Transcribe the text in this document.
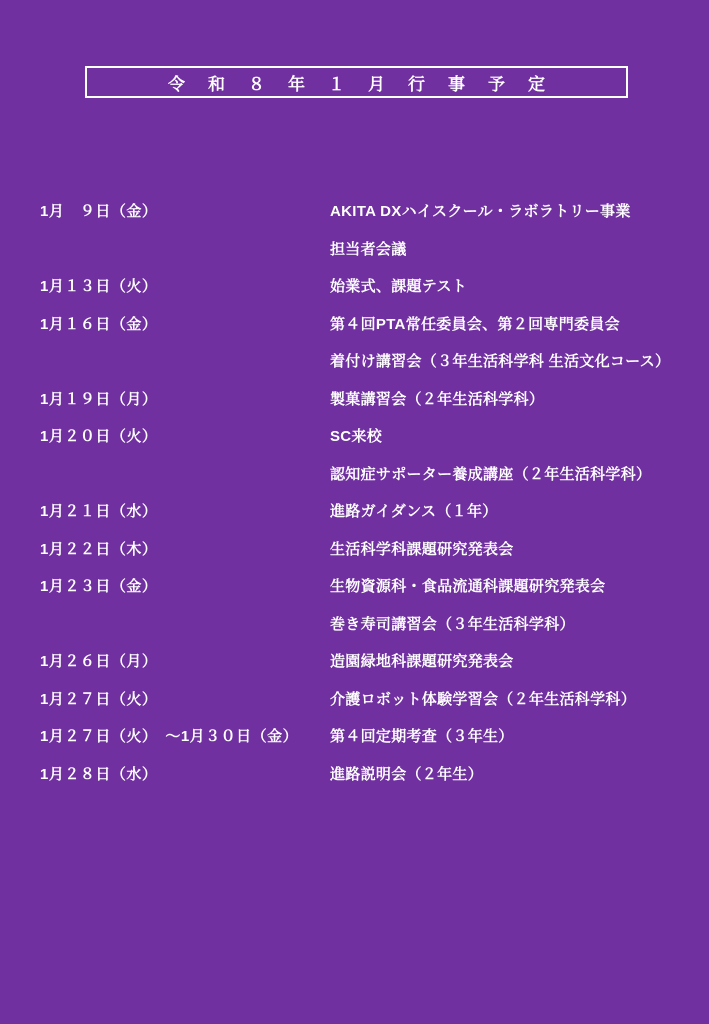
令和８年１月行事予定
1月　９日（金）	AKITA DXハイスクール・ラボラトリー事業
担当者会議
1月１３日（火）	始業式、課題テスト
1月１６日（金）	第４回PTA常任委員会、第２回専門委員会
着付け講習会（３年生活科学科 生活文化コース）
1月１９日（月）	製菓講習会（２年生活科学科）
1月２０日（火）	SC来校
認知症サポーター養成講座（２年生活科学科）
1月２１日（水）	進路ガイダンス（１年）
1月２２日（木）	生活科学科課題研究発表会
1月２３日（金）	生物資源科・食品流通科課題研究発表会
巻き寿司講習会（３年生活科学科）
1月２６日（月）	造園緑地科課題研究発表会
1月２７日（火）	介護ロボット体験学習会（２年生活科学科）
1月２７日（火）　～1月３０日（金）	第４回定期考査（３年生）
1月２８日（水）	進路説明会（２年生）
